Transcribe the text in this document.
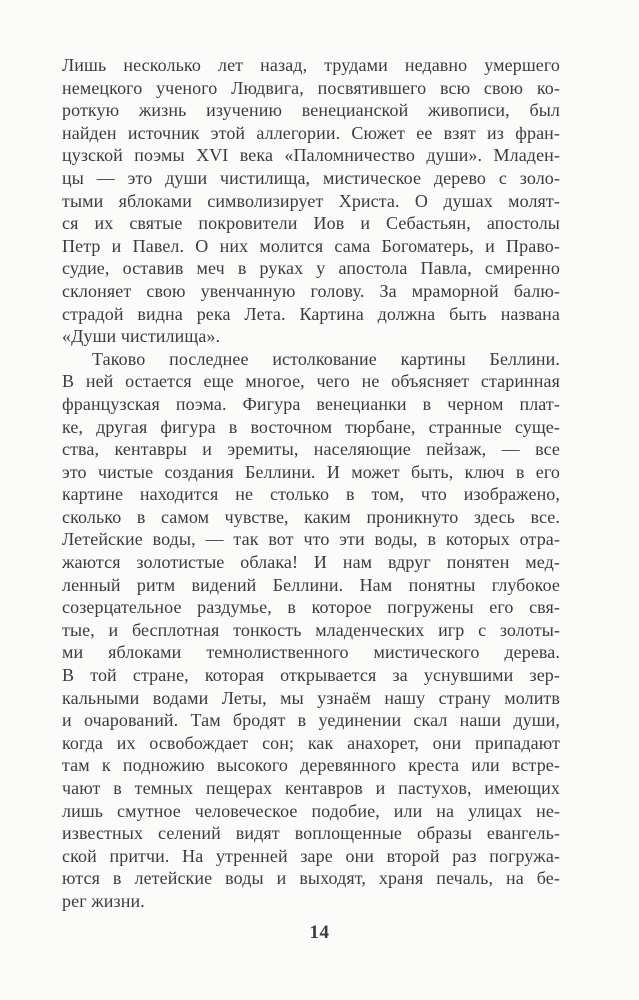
Лишь несколько лет назад, трудами недавно умершего
немецкого ученого Людвига, посвятившего всю свою ко-
роткую жизнь изучению венецианской живописи, был
найден источник этой аллегории. Сюжет ее взят из фран-
цузской поэмы XVI века «Паломничество души». Младен-
цы — это души чистилища, мистическое дерево с золо-
тыми яблоками символизирует Христа. О душах молят-
ся их святые покровители Иов и Себастьян, апостолы
Петр и Павел. О них молится сама Богоматерь, и Право-
судие, оставив меч в руках у апостола Павла, смиренно
склоняет свою увенчанную голову. За мраморной балю-
страдой видна река Лета. Картина должна быть названа
«Души чистилища».
Таково последнее истолкование картины Беллини.
В ней остается еще многое, чего не объясняет старинная
французская поэма. Фигура венецианки в черном плат-
ке, другая фигура в восточном тюрбане, странные суще-
ства, кентавры и эремиты, населяющие пейзаж, — все
это чистые создания Беллини. И может быть, ключ в его
картине находится не столько в том, что изображено,
сколько в самом чувстве, каким проникнуто здесь все.
Летейские воды, — так вот что эти воды, в которых отра-
жаются золотистые облака! И нам вдруг понятен мед-
ленный ритм видений Беллини. Нам понятны глубокое
созерцательное раздумье, в которое погружены его свя-
тые, и бесплотная тонкость младенческих игр с золоты-
ми яблоками темнолиственного мистического дерева.
В той стране, которая открывается за уснувшими зер-
кальными водами Леты, мы узнаём нашу страну молитв
и очарований. Там бродят в уединении скал наши души,
когда их освобождает сон; как анахорет, они припадают
там к подножию высокого деревянного креста или встре-
чают в темных пещерах кентавров и пастухов, имеющих
лишь смутное человеческое подобие, или на улицах не-
известных селений видят воплощенные образы евангель-
ской притчи. На утренней заре они второй раз погружа-
ются в летейские воды и выходят, храня печаль, на бе-
рег жизни.
14
